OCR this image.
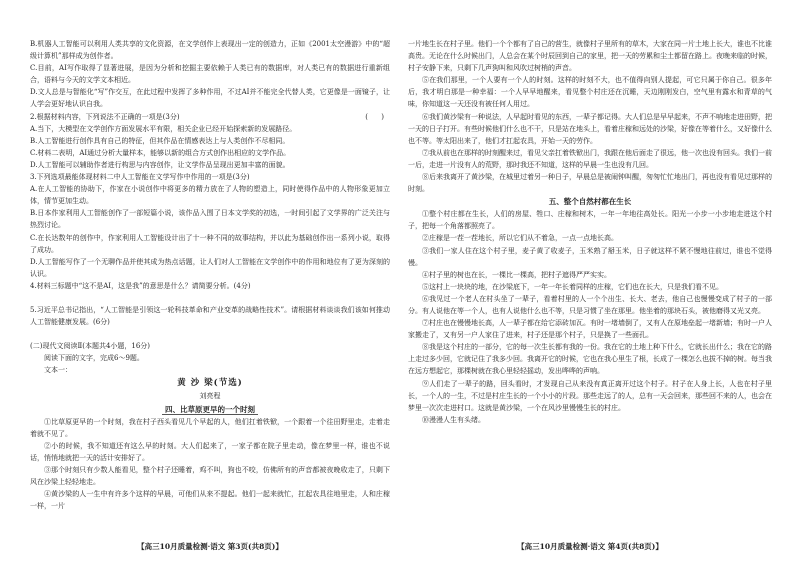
B.机器人工智能可以利用人类共享的文化资源，在文学创作上表现出一定的创造力，正如《2001太空漫游》中的“超级计算机”那样成为创作者。

C.目前，AI写作取得了显著进展，是因为分析和挖掘主要依赖于人类已有的数据库，对人类已有的数据进行重新组合，语料与今天的文学文本相近。

D.文人总是与智能化“写”作交互，在此过程中发挥了多种作用，不过AI并不能完全代替人类，它更像是一面镜子，让人学会更好地认识自我。

2.根据材料内容，下列说法不正确的一项是(3分)	(      )

A.当下，大模型在文学创作方面发展水平有限，相关企业已经开始探索新的发展路径。

B.人工智能进行创作具有自己的特征，但其作品在情感表达上与人类创作不尽相同。

C.材料二表明，AI通过分析大量样本，能够以新的组合方式创作出相应的文学作品。

D.人工智能可以辅助作者进行构思与内容创作，让文学作品呈现出更加丰富的面貌。

3.下列选项最能体现材料二中人工智能在文学写作中作用的一项是(3分)

A.在人工智能的协助下，作家在小说创作中将更多的精力放在了人物的塑造上，同时使得作品中的人物形象更加立体，情节更加生动。

B.日本作家利用人工智能创作了一部短篇小说，该作品入围了日本文学奖的初选，一时间引起了文学界的广泛关注与热烈讨论。

C.在长达数年的创作中，作家利用人工智能设计出了十一种不同的故事结构，并以此为基础创作出一系列小说，取得了成功。

D.人工智能写作了一个无聊作品并使其成为热点话题，让人们对人工智能在文学创作中的作用和地位有了更为深刻的认识。

4.材料三标题中“这不是AI，这是我”的意思是什么？请简要分析。(4分)

5.习近平总书记指出，“人工智能是引领这一轮科技革命和产业变革的战略性技术”。请根据材料谈谈我们该如何推动人工智能健康发展。(6分)

(二)现代文阅读Ⅱ(本题共4小题，16分)

阅读下面的文字，完成6～9题。

文本一：

黄 沙 梁(节选)

刘亮程

四、比草原更早的一个时刻

①比草原更早的一个时刻，我在村子西头看见几个早起的人，他们扛着铁锨，一个跟着一个往田野里走，走着走着就不见了。

②小的时候，我不知道还有这么早的时刻。大人们起来了，一家子都在院子里走动，像在梦里一样，谁也不说话，悄悄地就把一天的活计安排好了。

③那个时刻只有少数人能看见，整个村子还睡着，鸡不叫，狗也不咬，仿佛所有的声音都被夜晚收走了，只剩下风在沙梁上轻轻地走。

④黄沙梁的人一生中有许多个这样的早晨，可他们从来不提起。他们一起来就忙，扛起农具往地里走，人和庄稼一样，一片

【高三10月质量检测·语文 第3页(共8页)】

一片地生长在村子里。他们一个个都有了自己的营生，就像村子里所有的草木，大家在同一片土地上长大，谁也不比谁高贵。无论在什么时候出门，人总会在某个时辰回到自己的家里，把一天的劳累和尘土都留在路上。夜晚来临的时候，村子安静下来，只剩下几声狗叫和风吹过树梢的声音。

⑤在我们那里，一个人要有一个人的时刻。这样的时刻不大，也不值得向别人提起，可它只属于你自己。很多年后，我才明白那是一种幸福：一个人早早地醒来，看见整个村庄还在沉睡，天边刚刚发白，空气里有露水和青草的气味，你知道这一天还没有被任何人用过。

⑥我们黄沙梁有一种说法，人早起时看见的东西，一辈子都记得。大人们总是早早起来，不声不响地走进田野，把一天的日子打开。有些时候他们什么也不干，只是站在地头上，看着庄稼和远处的沙梁，好像在等着什么，又好像什么也不等。等太阳出来了，他们才扛起农具，开始一天的劳作。

⑦我从前也在那样的时刻醒来过，看见父亲扛着铁锨出门，我跟在他后面走了很远，他一次也没有回头。我们一前一后，走进一片没有人的荒野，那时我还不知道，这样的早晨一生也没有几回。

⑧后来我离开了黄沙梁，在城里过着另一种日子，早晨总是被闹钟叫醒，匆匆忙忙地出门，再也没有看见过那样的时刻。

五、整个自然村都在生长

①整个村庄都在生长，人们的房屋、牲口、庄稼和树木，一年一年地往高处长。阳光一小步一小步地走进这个村子，把每一个角落都照亮了。

②庄稼是一茬一茬地长，所以它们从不着急，一点一点地长高。

③我们一家人住在这个村子里，麦子黄了收麦子，玉米熟了掰玉米，日子就这样不紧不慢地往前过，谁也不觉得慢。

④村子里的树也在长，一棵比一棵高，把村子遮得严严实实。

⑤这村上一块块的地，在沙梁底下，一年一年长着同样的庄稼，它们也在长大，只是我们看不见。

⑥我见过一个老人在村头坐了一辈子，看着村里的人一个个出生、长大、老去，他自己也慢慢变成了村子的一部分。有人说他在等一个人，也有人说他什么也不等，只是习惯了坐在那里。他坐着的那块石头，被他磨得又光又亮。

⑦村庄也在慢慢地长高，人一辈子都在给它添砖加瓦。有时一堵墙倒了，又有人在原地垒起一堵新墙；有时一户人家搬走了，又有另一户人家住了进来，村子还是那个村子，只是换了一些面孔。

⑧我是这个村庄的一部分，它的每一次生长都有我的一份。我在它的土地上种下什么，它就长出什么；我在它的路上走过多少回，它就记住了我多少回。我离开它的时候，它也在我心里生了根，长成了一棵怎么也拔不掉的树。每当我在远方想起它，那棵树就在我心里轻轻摇动，发出哗哗的声响。

⑨人们走了一辈子的路，回头看时，才发现自己从来没有真正离开过这个村子。村子在人身上长，人也在村子里长，一个人的一生，不过是村庄生长的一个小小的片段。那些走远了的人，总有一天会回来，那些回不来的人，也会在梦里一次次走进村口。这就是黄沙梁，一个在风沙里慢慢生长的村庄。

⑩漫漫人生有头绪。

【高三10月质量检测·语文 第4页(共8页)】
